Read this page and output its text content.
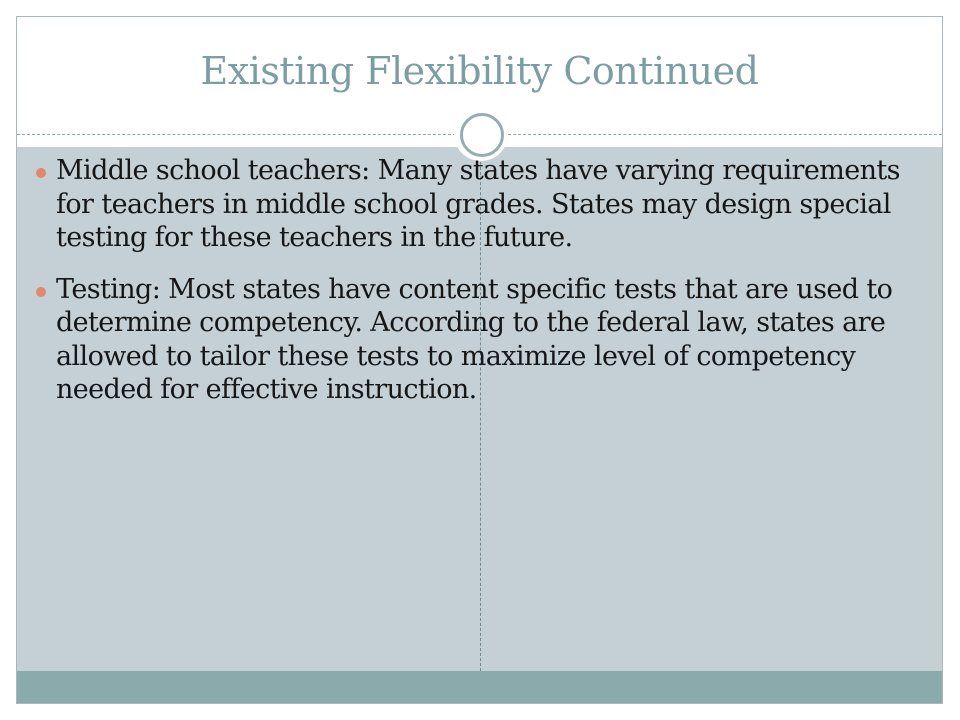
Existing Flexibility Continued
Middle school teachers: Many states have varying requirements for teachers in middle school grades. States may design special testing for these teachers in the future.
Testing: Most states have content specific tests that are used to determine competency. According to the federal law, states are allowed to tailor these tests to maximize level of competency needed for effective instruction.
